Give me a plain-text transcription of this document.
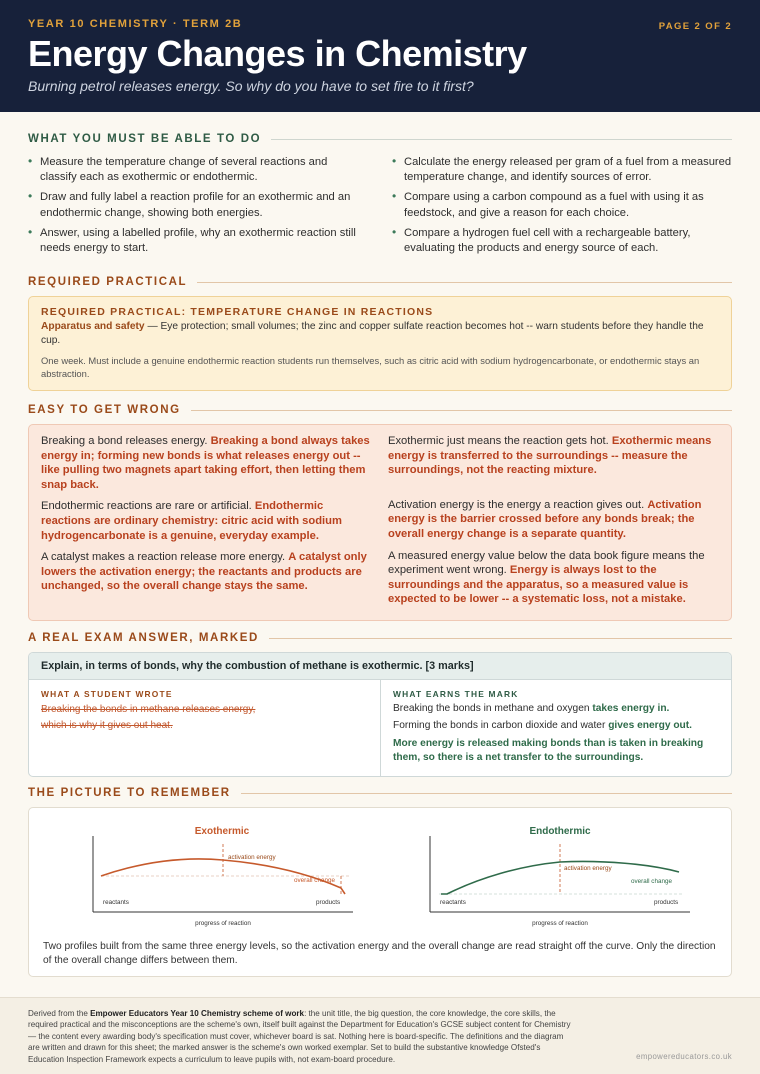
YEAR 10 CHEMISTRY · TERM 2B	PAGE 2 OF 2
Energy Changes in Chemistry
Burning petrol releases energy. So why do you have to set fire to it first?
WHAT YOU MUST BE ABLE TO DO
• Measure the temperature change of several reactions and classify each as exothermic or endothermic.
• Draw and fully label a reaction profile for an exothermic and an endothermic change, showing both energies.
• Answer, using a labelled profile, why an exothermic reaction still needs energy to start.
• Calculate the energy released per gram of a fuel from a measured temperature change, and identify sources of error.
• Compare using a carbon compound as a fuel with using it as feedstock, and give a reason for each choice.
• Compare a hydrogen fuel cell with a rechargeable battery, evaluating the products and energy source of each.
REQUIRED PRACTICAL
REQUIRED PRACTICAL: TEMPERATURE CHANGE IN REACTIONS
Apparatus and safety — Eye protection; small volumes; the zinc and copper sulfate reaction becomes hot -- warn students before they handle the cup.
One week. Must include a genuine endothermic reaction students run themselves, such as citric acid with sodium hydrogencarbonate, or endothermic stays an abstraction.
EASY TO GET WRONG
Breaking a bond releases energy. Breaking a bond always takes energy in; forming new bonds is what releases energy out -- like pulling two magnets apart taking effort, then letting them snap back.
Endothermic reactions are rare or artificial. Endothermic reactions are ordinary chemistry: citric acid with sodium hydrogencarbonate is a genuine, everyday example.
A catalyst makes a reaction release more energy. A catalyst only lowers the activation energy; the reactants and products are unchanged, so the overall change stays the same.
Exothermic just means the reaction gets hot. Exothermic means energy is transferred to the surroundings -- measure the surroundings, not the reacting mixture.
Activation energy is the energy a reaction gives out. Activation energy is the barrier crossed before any bonds break; the overall energy change is a separate quantity.
A measured energy value below the data book figure means the experiment went wrong. Energy is always lost to the surroundings and the apparatus, so a measured value is expected to be lower -- a systematic loss, not a mistake.
A REAL EXAM ANSWER, MARKED
Explain, in terms of bonds, why the combustion of methane is exothermic. [3 marks]
WHAT A STUDENT WROTE
Breaking the bonds in methane releases energy,
which is why it gives out heat.
WHAT EARNS THE MARK
Breaking the bonds in methane and oxygen takes energy in.
Forming the bonds in carbon dioxide and water gives energy out.
More energy is released making bonds than is taken in breaking them, so there is a net transfer to the surroundings.
THE PICTURE TO REMEMBER
Exothermic
activation energy
overall change
reactants	products
progress of reaction
Endothermic
activation energy
overall change
reactants	products
progress of reaction
Two profiles built from the same three energy levels, so the activation energy and the overall change are read straight off the curve. Only the direction of the overall change differs between them.
Derived from the Empower Educators Year 10 Chemistry scheme of work: the unit title, the big question, the core knowledge, the core skills, the required practical and the misconceptions are the scheme's own, itself built against the Department for Education's GCSE subject content for Chemistry — the content every awarding body's specification must cover, whichever board is sat. Nothing here is board-specific. The definitions and the diagram are written and drawn for this sheet; the marked answer is the scheme's own worked exemplar. Set to build the substantive knowledge Ofsted's Education Inspection Framework expects a curriculum to leave pupils with, not exam-board procedure.	empowereducators.co.uk
